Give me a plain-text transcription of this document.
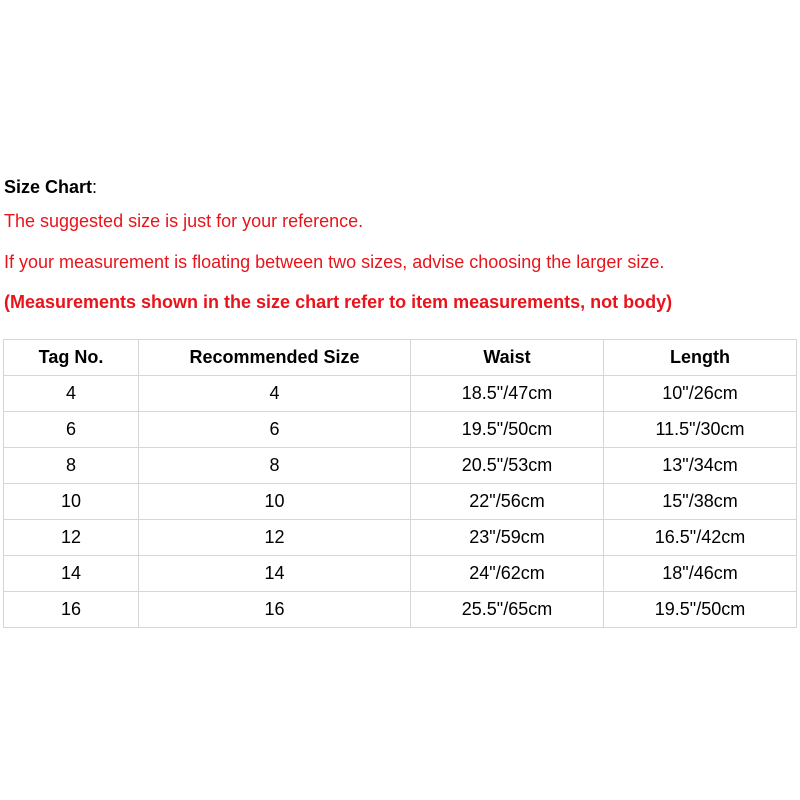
Size Chart:

The suggested size is just for your reference.

If your measurement is floating between two sizes, advise choosing the larger size.

(Measurements shown in the size chart refer to item measurements, not body)

Tag No.	Recommended Size	Waist	Length
4	4	18.5"/47cm	10"/26cm
6	6	19.5"/50cm	11.5"/30cm
8	8	20.5"/53cm	13"/34cm
10	10	22"/56cm	15"/38cm
12	12	23"/59cm	16.5"/42cm
14	14	24"/62cm	18"/46cm
16	16	25.5"/65cm	19.5"/50cm
